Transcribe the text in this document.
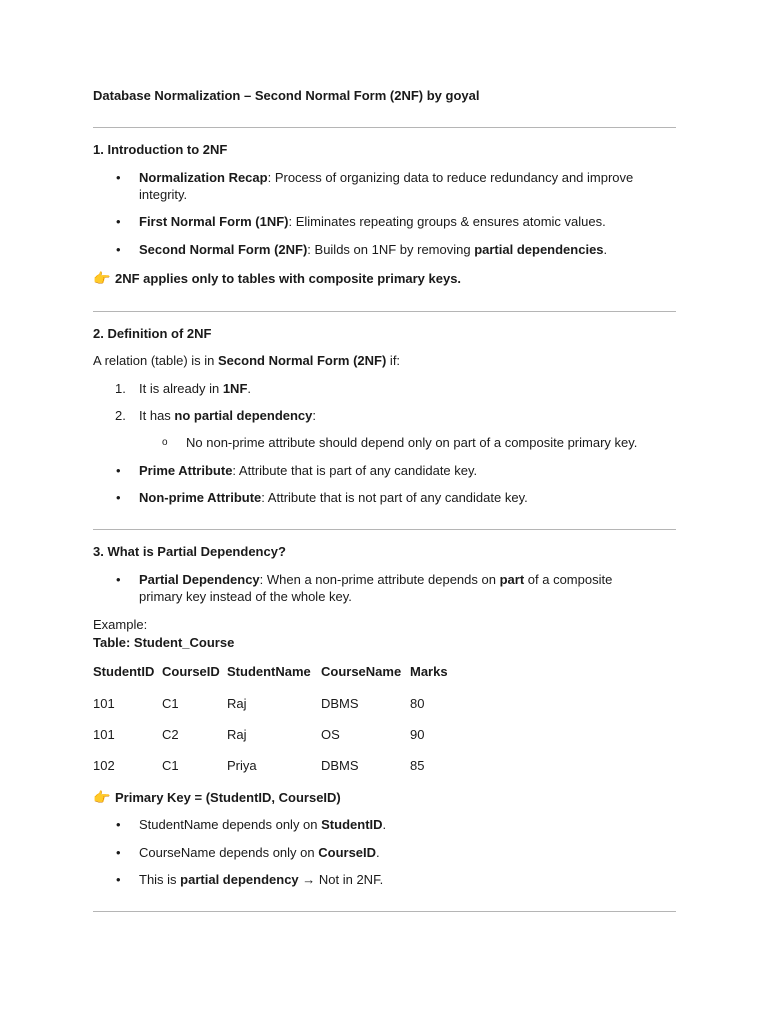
Database Normalization – Second Normal Form (2NF) by goyal
1. Introduction to 2NF
• Normalization Recap: Process of organizing data to reduce redundancy and improve integrity.
• First Normal Form (1NF): Eliminates repeating groups & ensures atomic values.
• Second Normal Form (2NF): Builds on 1NF by removing partial dependencies.
👉 2NF applies only to tables with composite primary keys.
2. Definition of 2NF
A relation (table) is in Second Normal Form (2NF) if:
1. It is already in 1NF.
2. It has no partial dependency:
o No non-prime attribute should depend only on part of a composite primary key.
• Prime Attribute: Attribute that is part of any candidate key.
• Non-prime Attribute: Attribute that is not part of any candidate key.
3. What is Partial Dependency?
• Partial Dependency: When a non-prime attribute depends on part of a composite primary key instead of the whole key.
Example:
Table: Student_Course
StudentID CourseID StudentName CourseName Marks
101	C1	Raj	DBMS	80
101	C2	Raj	OS	90
102	C1	Priya	DBMS	85
👉 Primary Key = (StudentID, CourseID)
• StudentName depends only on StudentID.
• CourseName depends only on CourseID.
• This is partial dependency → Not in 2NF.
